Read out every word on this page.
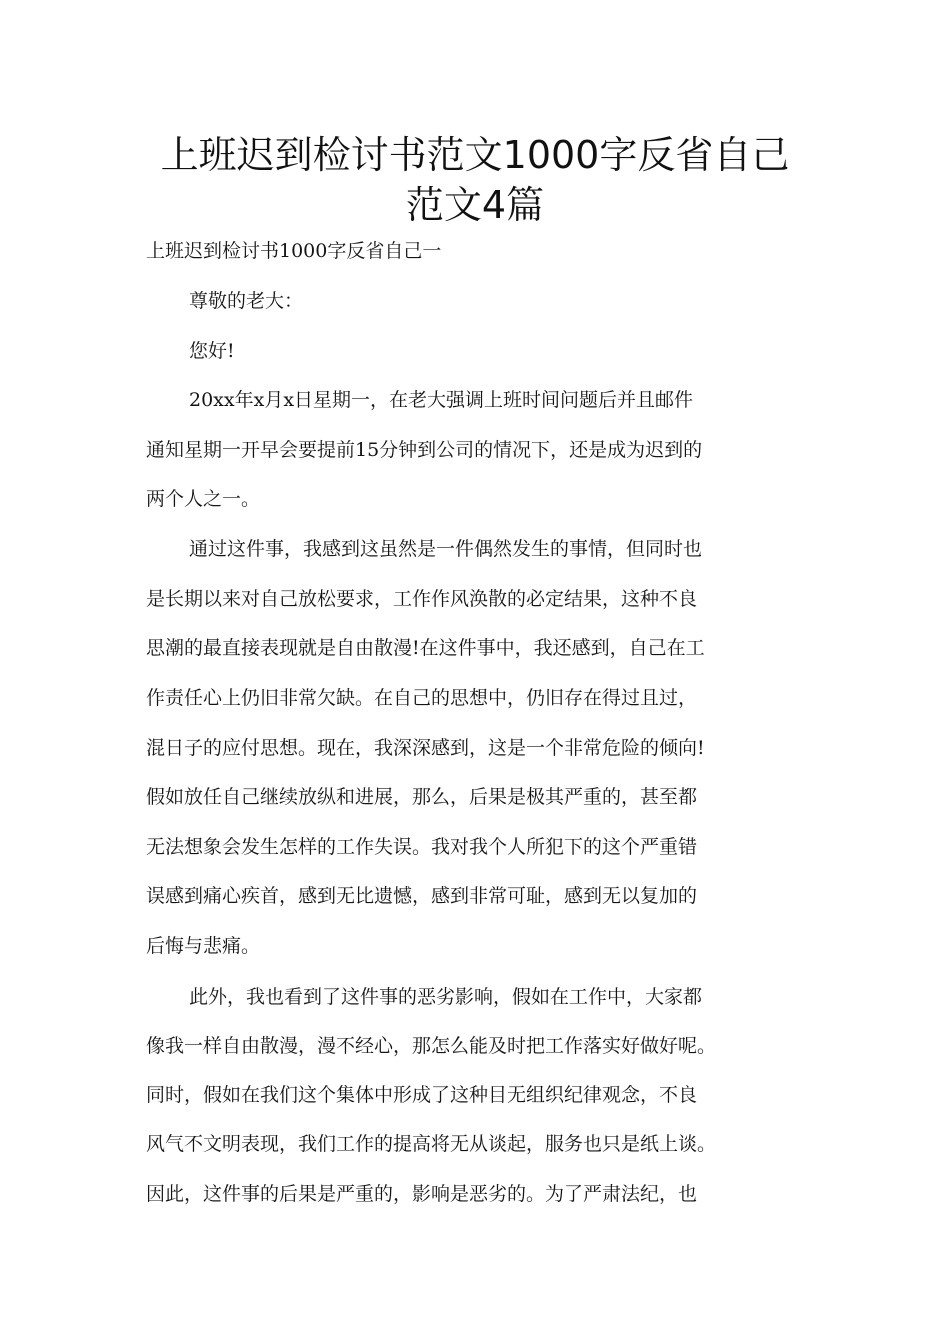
上班迟到检讨书范文1000字反省自己
范文4篇
上班迟到检讨书1000字反省自己一
尊敬的老大：
您好!
20xx年x月x日星期一，在老大强调上班时间问题后并且邮件
通知星期一开早会要提前15分钟到公司的情况下，还是成为迟到的
两个人之一。
通过这件事，我感到这虽然是一件偶然发生的事情，但同时也
是长期以来对自己放松要求，工作作风涣散的必定结果，这种不良
思潮的最直接表现就是自由散漫!在这件事中，我还感到，自己在工
作责任心上仍旧非常欠缺。在自己的思想中，仍旧存在得过且过，
混日子的应付思想。现在，我深深感到，这是一个非常危险的倾向!
假如放任自己继续放纵和进展，那么，后果是极其严重的，甚至都
无法想象会发生怎样的工作失误。我对我个人所犯下的这个严重错
误感到痛心疾首，感到无比遗憾，感到非常可耻，感到无以复加的
后悔与悲痛。
此外，我也看到了这件事的恶劣影响，假如在工作中，大家都
像我一样自由散漫，漫不经心，那怎么能及时把工作落实好做好呢。
同时，假如在我们这个集体中形成了这种目无组织纪律观念，不良
风气不文明表现，我们工作的提高将无从谈起，服务也只是纸上谈。
因此，这件事的后果是严重的，影响是恶劣的。为了严肃法纪，也
